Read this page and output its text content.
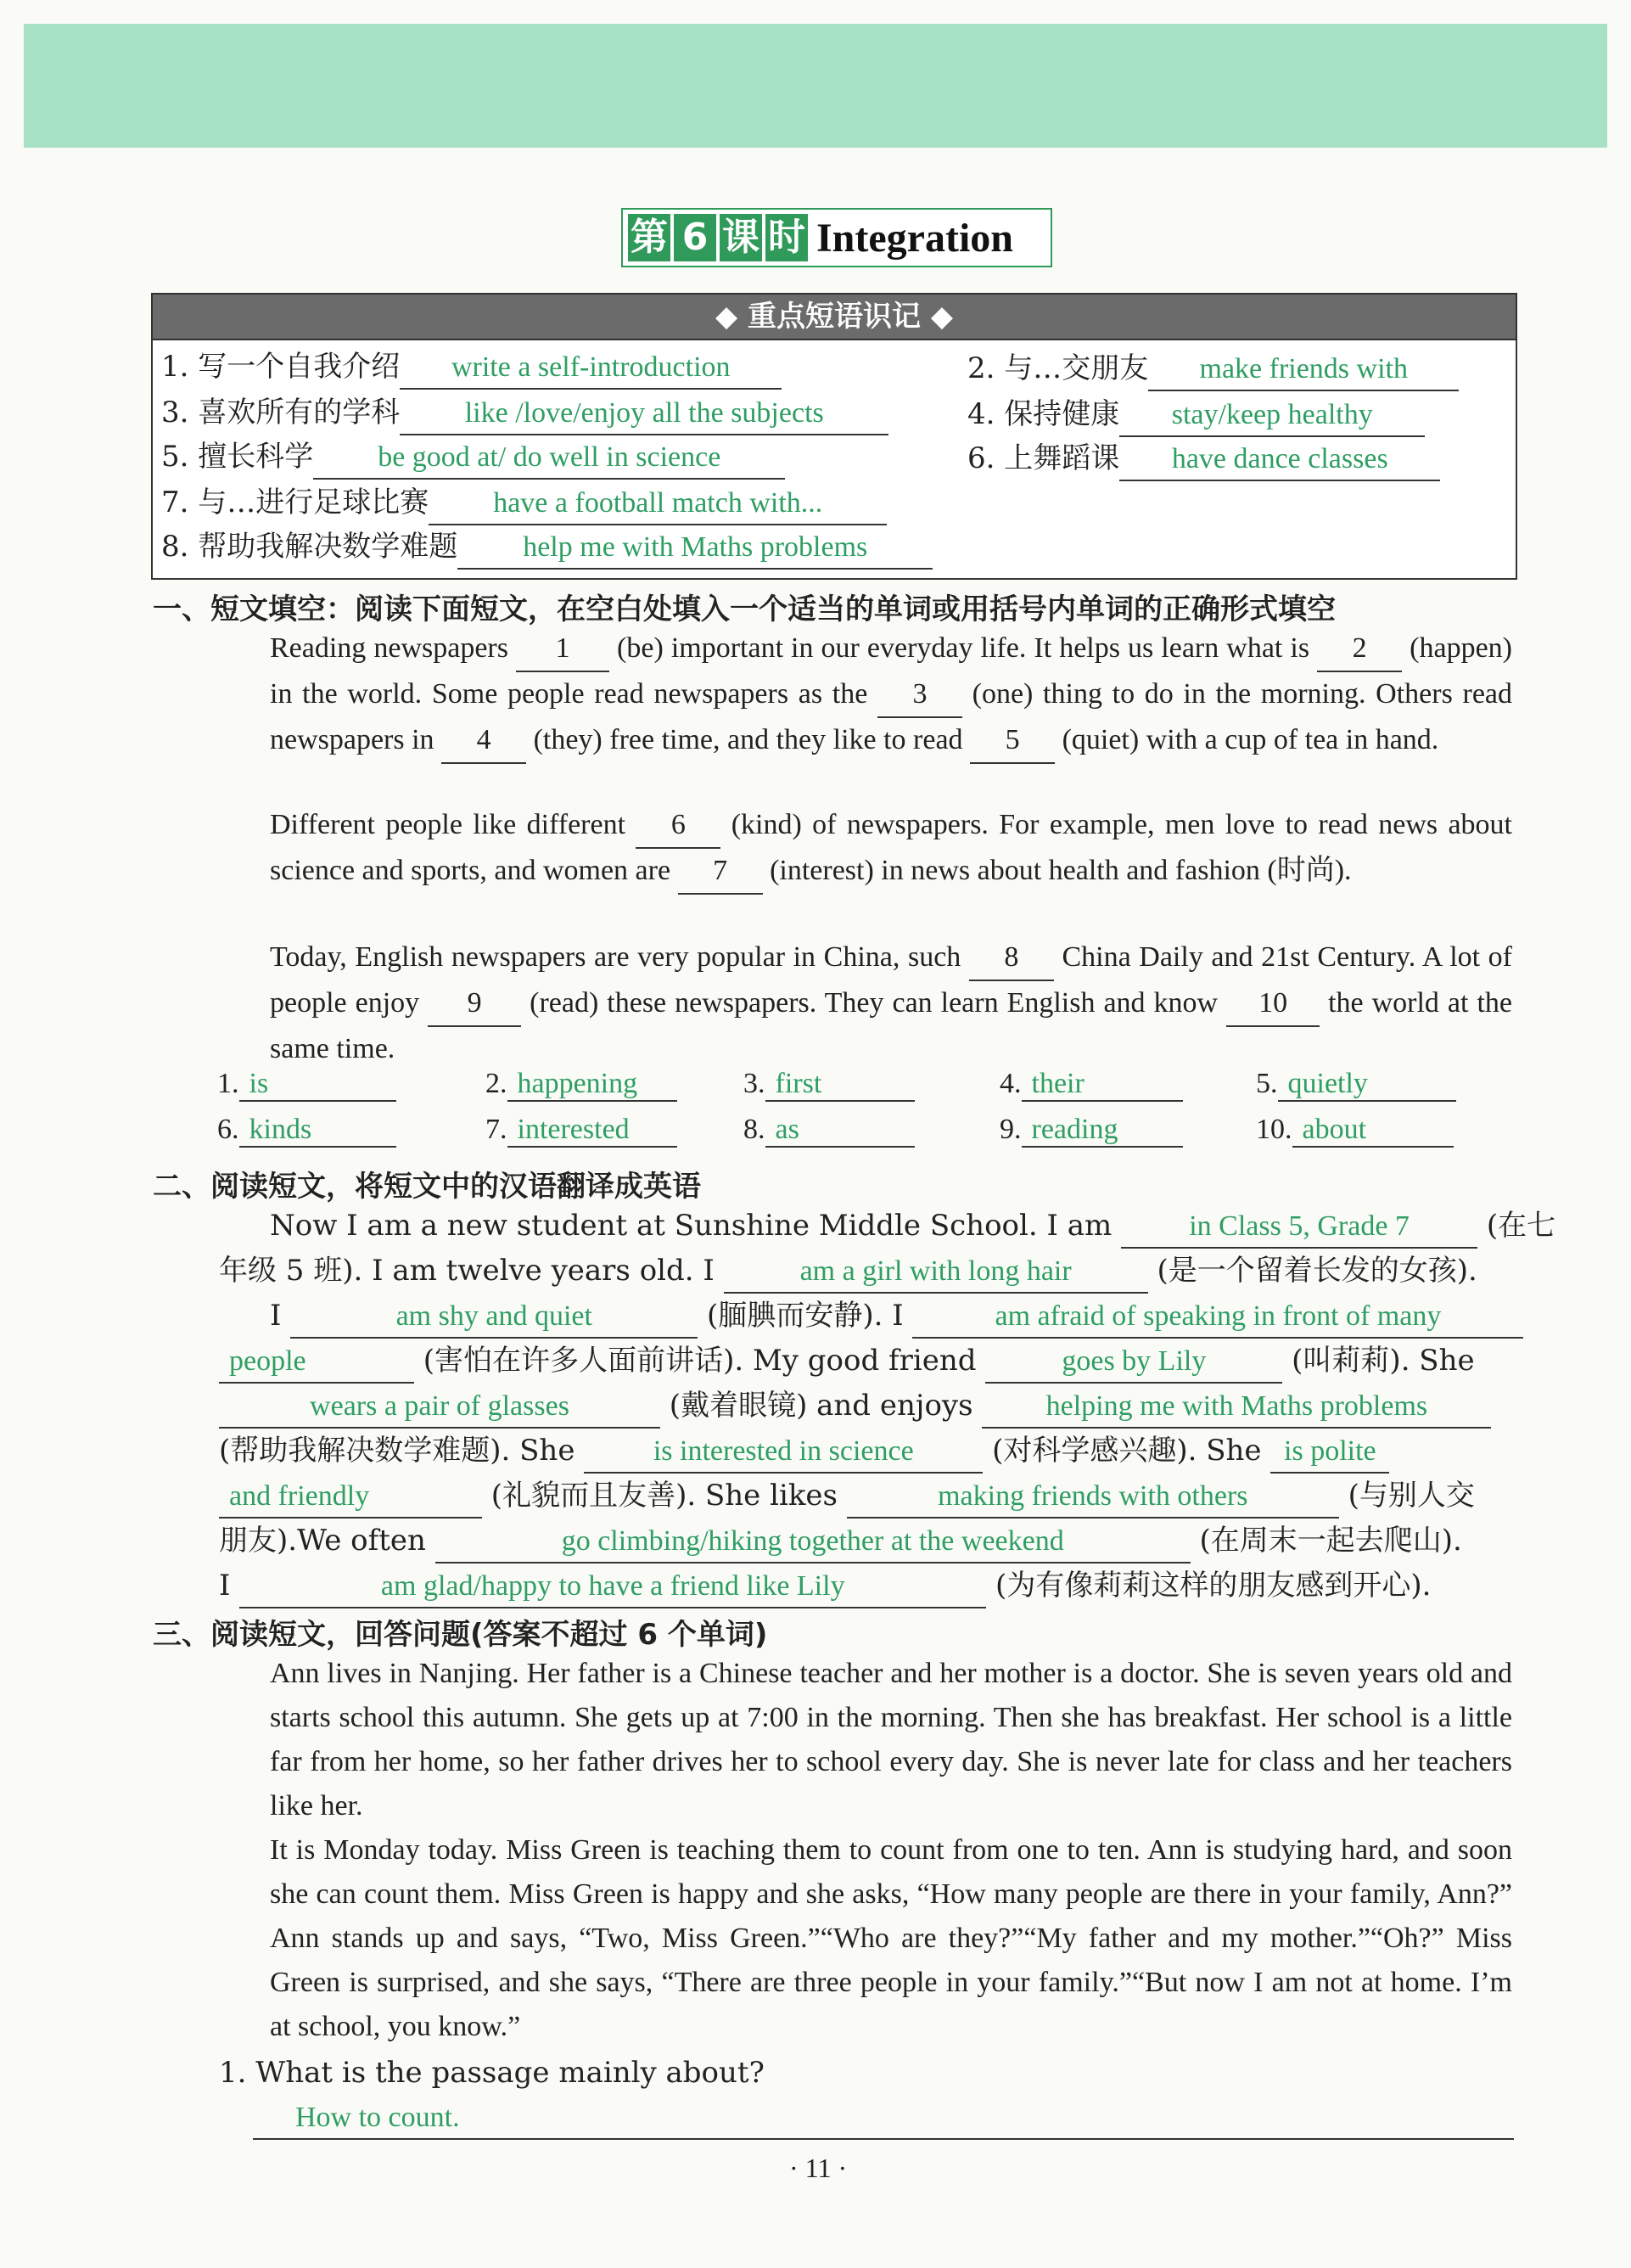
第 6 课 时 Integration
◆ 重点短语识记 ◆
1. 写一个自我介绍 write a self-introduction	2. 与…交朋友 make friends with
3. 喜欢所有的学科 like /love/enjoy all the subjects	4. 保持健康 stay/keep healthy
5. 擅长科学 be good at/ do well in science	6. 上舞蹈课 have dance classes
7. 与…进行足球比赛 have a football match with...
8. 帮助我解决数学难题 help me with Maths problems
一、短文填空：阅读下面短文，在空白处填入一个适当的单词或用括号内单词的正确形式填空
Reading newspapers 1 (be) important in our everyday life. It helps us learn what is 2 (happen) in the world. Some people read newspapers as the 3 (one) thing to do in the morning. Others read newspapers in 4 (they) free time, and they like to read 5 (quiet) with a cup of tea in hand.
Different people like different 6 (kind) of newspapers. For example, men love to read news about science and sports, and women are 7 (interest) in news about health and fashion (时尚).
Today, English newspapers are very popular in China, such 8 China Daily and 21st Century. A lot of people enjoy 9 (read) these newspapers. They can learn English and know 10 the world at the same time.
1. is	2. happening	3. first	4. their	5. quietly
6. kinds	7. interested	8. as	9. reading	10. about
二、阅读短文，将短文中的汉语翻译成英语
Now I am a new student at Sunshine Middle School. I am in Class 5, Grade 7 (在七
年级 5 班). I am twelve years old. I	am a girl with long hair	(是一个留着长发的女孩).
I	am shy and quiet	(腼腆而安静). I	am afraid of speaking in front of many
people	(害怕在许多人面前讲话). My good friend	goes by Lily	(叫莉莉). She
wears a pair of glasses	(戴着眼镜) and enjoys helping me with Maths problems
(帮助我解决数学难题). She is interested in science (对科学感兴趣). She is polite
and friendly	(礼貌而且友善). She likes	making friends with others	(与别人交
朋友).We often	go climbing/hiking together at the weekend	(在周末一起去爬山).
I	am glad/happy to have a friend like Lily	(为有像莉莉这样的朋友感到开心).
三、阅读短文，回答问题(答案不超过 6 个单词)
Ann lives in Nanjing. Her father is a Chinese teacher and her mother is a doctor. She is seven years old and starts school this autumn. She gets up at 7:00 in the morning. Then she has breakfast. Her school is a little far from her home, so her father drives her to school every day. She is never late for class and her teachers like her.
It is Monday today. Miss Green is teaching them to count from one to ten. Ann is studying hard, and soon she can count them. Miss Green is happy and she asks, “How many people are there in your family, Ann?” Ann stands up and says, “Two, Miss Green.”“Who are they?”“My father and my mother.”“Oh?” Miss Green is surprised, and she says, “There are three people in your family.”“But now I am not at home. I’m at school, you know.”
1. What is the passage mainly about?
How to count.
· 11 ·
